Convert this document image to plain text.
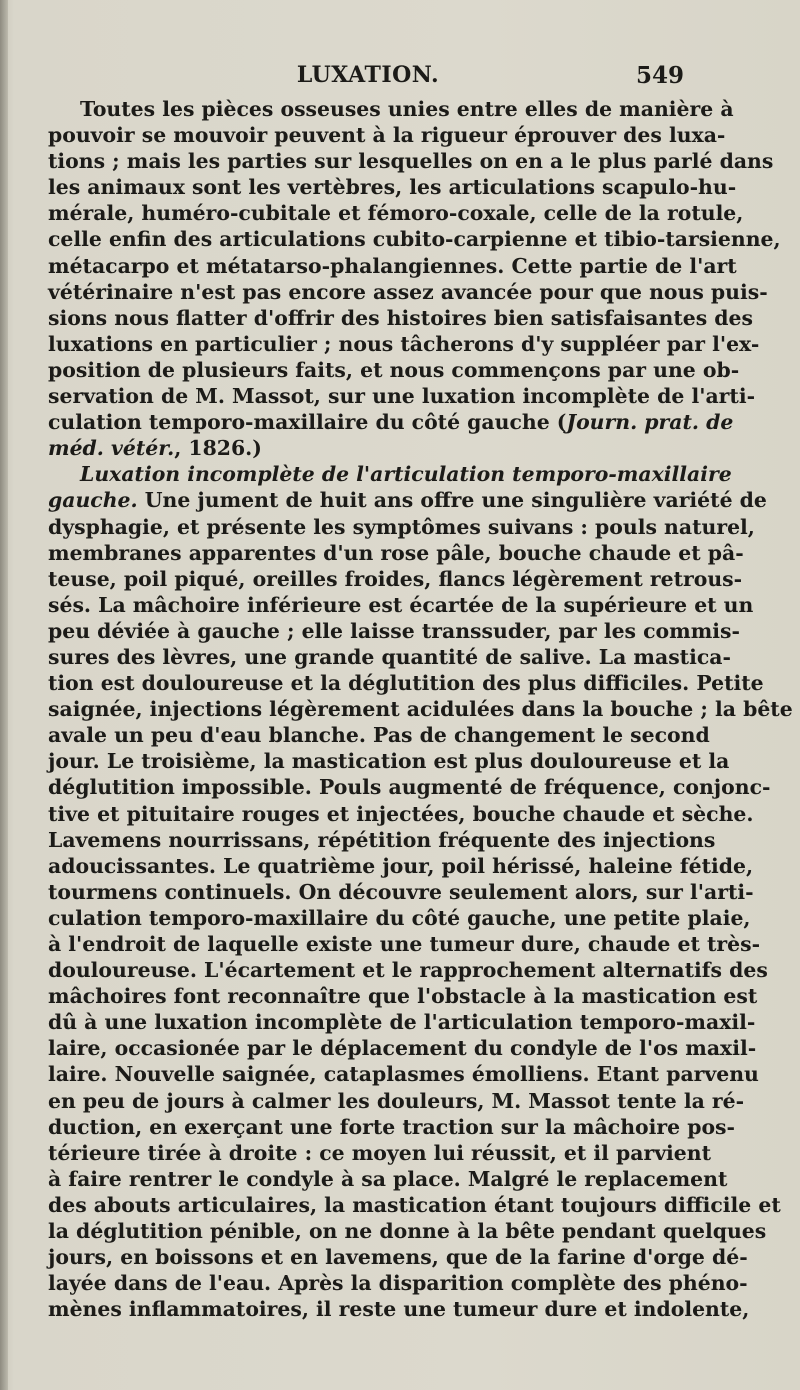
LUXATION.	549
Toutes les pièces osseuses unies entre elles de manière à
pouvoir se mouvoir peuvent à la rigueur éprouver des luxa-
tions ; mais les parties sur lesquelles on en a le plus parlé dans
les animaux sont les vertèbres, les articulations scapulo-hu-
mérale, huméro-cubitale et fémoro-coxale, celle de la rotule,
celle enfin des articulations cubito-carpienne et tibio-tarsienne,
métacarpo et métatarso-phalangiennes. Cette partie de l'art
vétérinaire n'est pas encore assez avancée pour que nous puis-
sions nous flatter d'offrir des histoires bien satisfaisantes des
luxations en particulier ; nous tâcherons d'y suppléer par l'ex-
position de plusieurs faits, et nous commençons par une ob-
servation de M. Massot, sur une luxation incomplète de l'arti-
culation temporo-maxillaire du côté gauche (Journ. prat. de
méd. vétér., 1826.)
Luxation incomplète de l'articulation temporo-maxillaire
gauche. Une jument de huit ans offre une singulière variété de
dysphagie, et présente les symptômes suivans : pouls naturel,
membranes apparentes d'un rose pâle, bouche chaude et pâ-
teuse, poil piqué, oreilles froides, flancs légèrement retrous-
sés. La mâchoire inférieure est écartée de la supérieure et un
peu déviée à gauche ; elle laisse transsuder, par les commis-
sures des lèvres, une grande quantité de salive. La mastica-
tion est douloureuse et la déglutition des plus difficiles. Petite
saignée, injections légèrement acidulées dans la bouche ; la bête
avale un peu d'eau blanche. Pas de changement le second
jour. Le troisième, la mastication est plus douloureuse et la
déglutition impossible. Pouls augmenté de fréquence, conjonc-
tive et pituitaire rouges et injectées, bouche chaude et sèche.
Lavemens nourrissans, répétition fréquente des injections
adoucissantes. Le quatrième jour, poil hérissé, haleine fétide,
tourmens continuels. On découvre seulement alors, sur l'arti-
culation temporo-maxillaire du côté gauche, une petite plaie,
à l'endroit de laquelle existe une tumeur dure, chaude et très-
douloureuse. L'écartement et le rapprochement alternatifs des
mâchoires font reconnaître que l'obstacle à la mastication est
dû à une luxation incomplète de l'articulation temporo-maxil-
laire, occasionée par le déplacement du condyle de l'os maxil-
laire. Nouvelle saignée, cataplasmes émolliens. Etant parvenu
en peu de jours à calmer les douleurs, M. Massot tente la ré-
duction, en exerçant une forte traction sur la mâchoire pos-
térieure tirée à droite : ce moyen lui réussit, et il parvient
à faire rentrer le condyle à sa place. Malgré le replacement
des abouts articulaires, la mastication étant toujours difficile et
la déglutition pénible, on ne donne à la bête pendant quelques
jours, en boissons et en lavemens, que de la farine d'orge dé-
layée dans de l'eau. Après la disparition complète des phéno-
mènes inflammatoires, il reste une tumeur dure et indolente,
